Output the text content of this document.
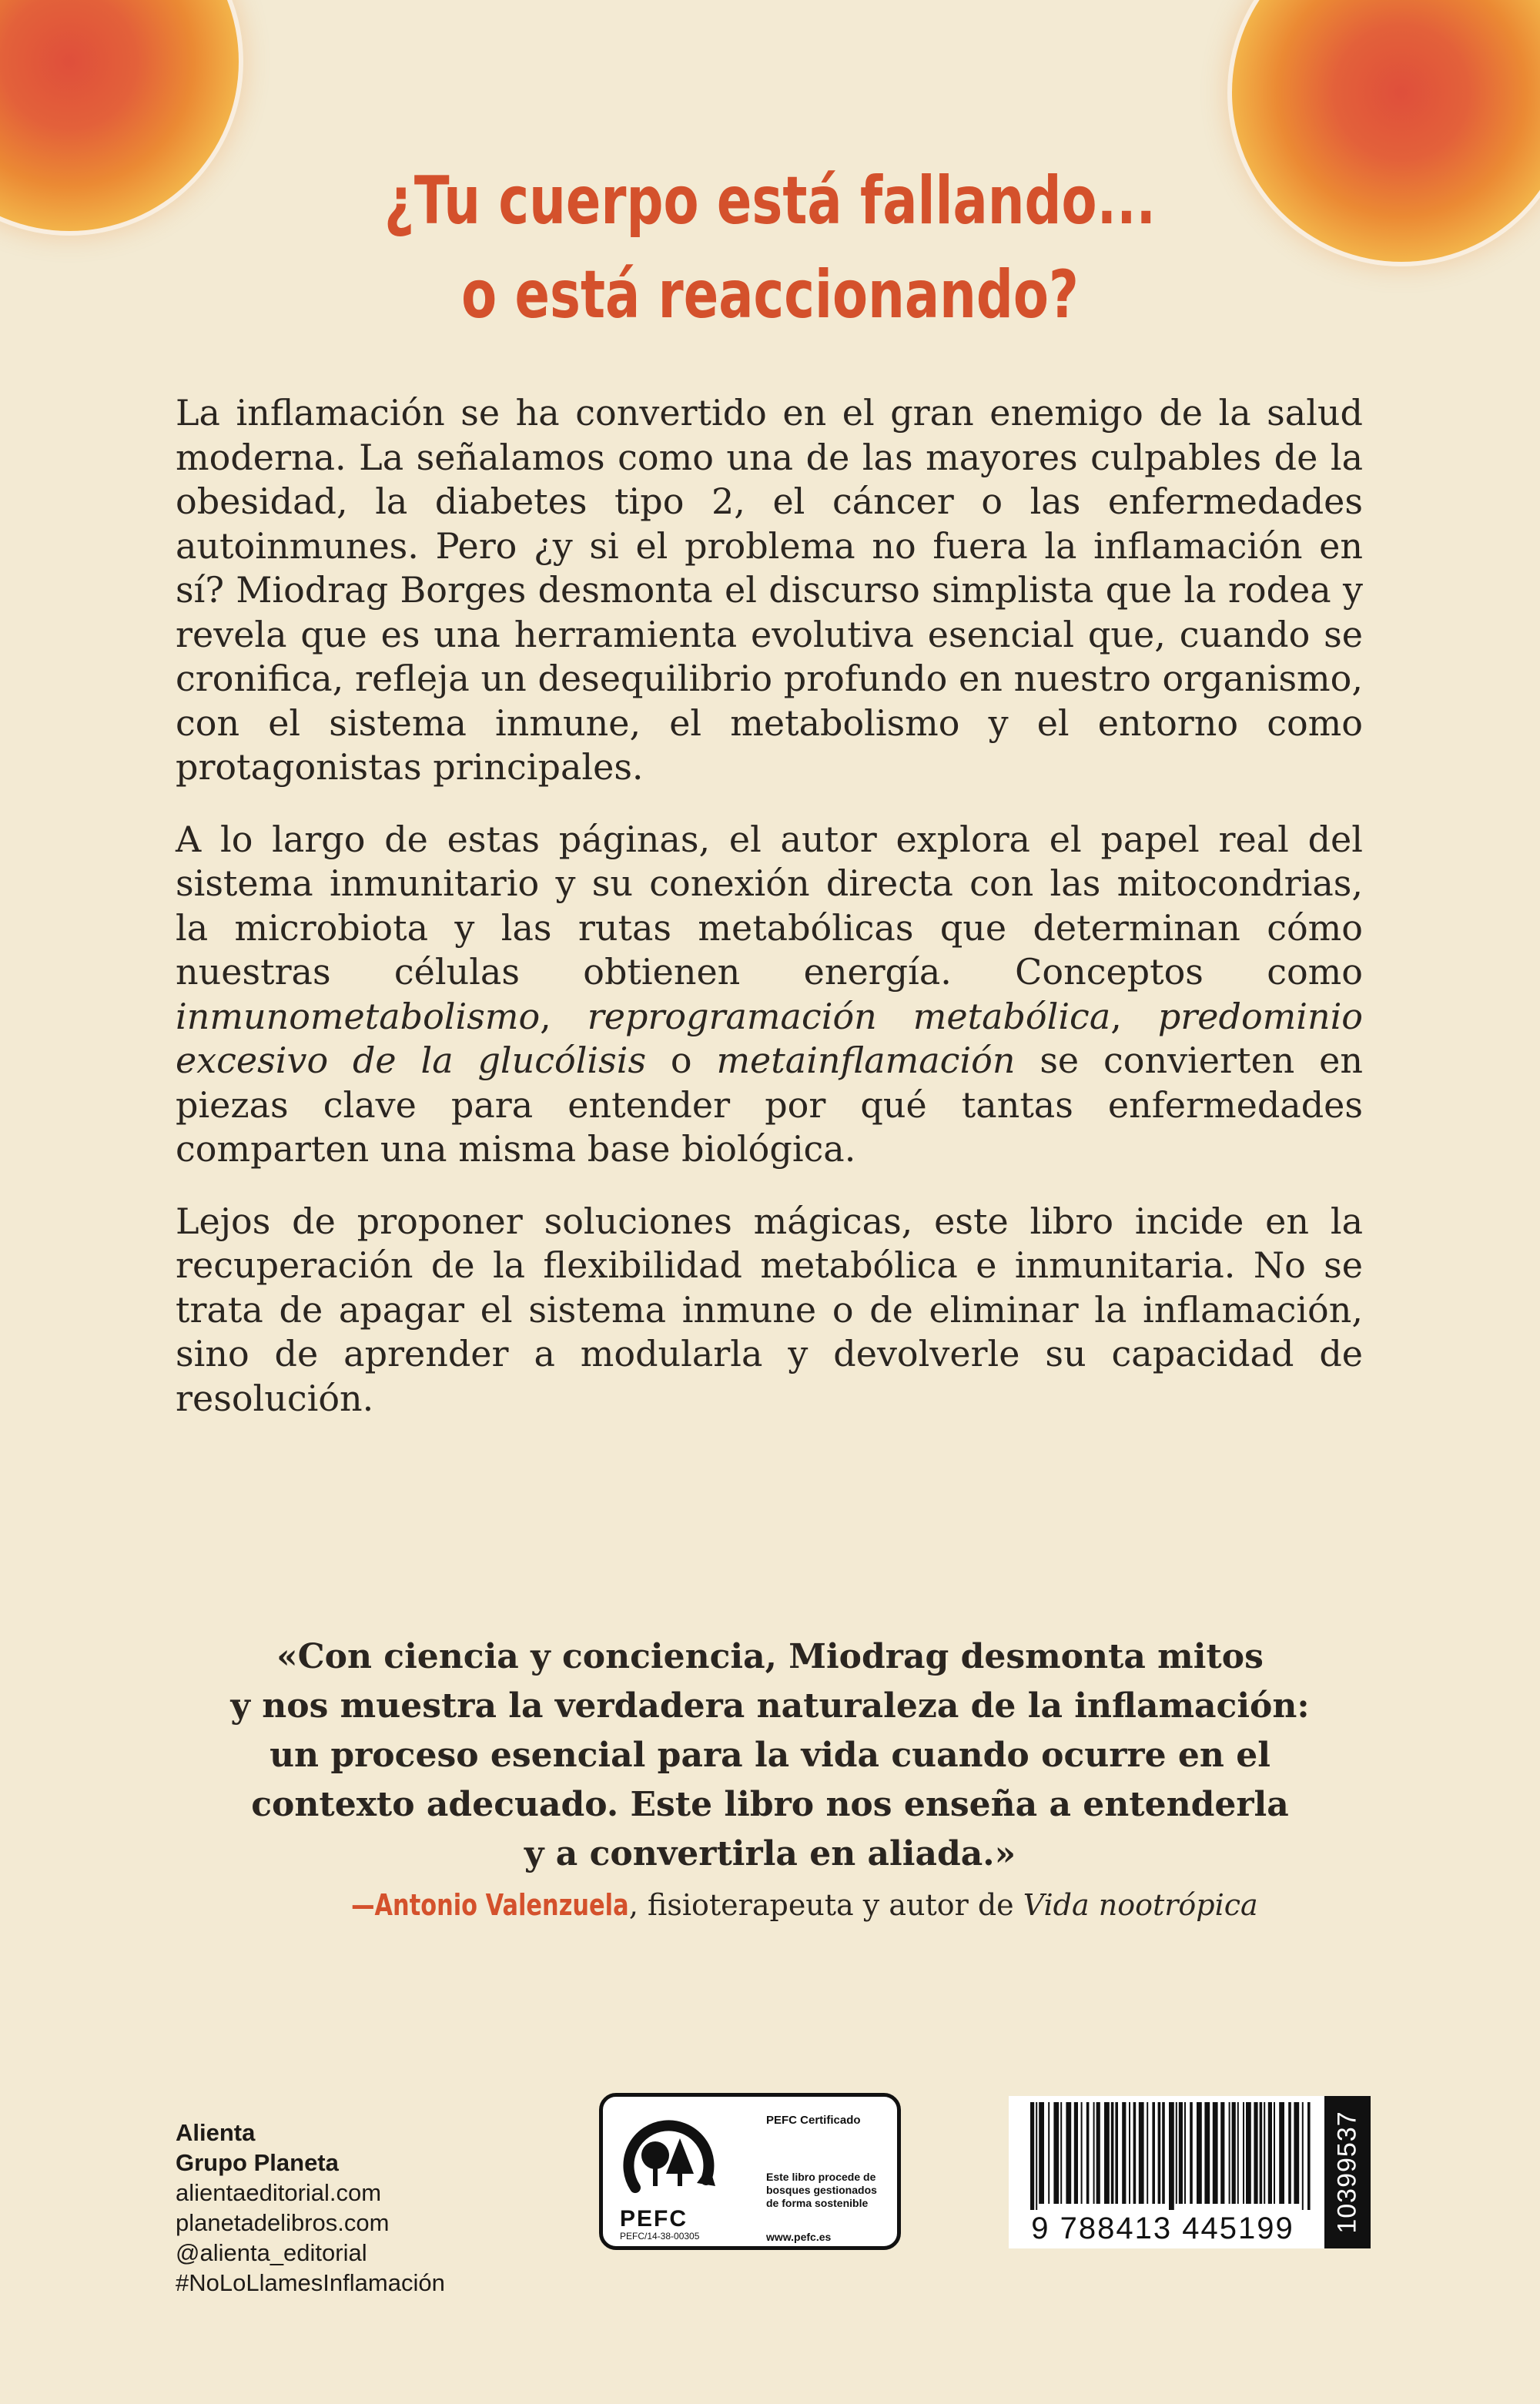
¿Tu cuerpo está fallando...
o está reaccionando?

La inflamación se ha convertido en el gran enemigo de la salud moderna. La señalamos como una de las mayores culpables de la obesidad, la diabetes tipo 2, el cáncer o las enfermedades autoinmunes. Pero ¿y si el problema no fuera la inflamación en sí? Miodrag Borges desmonta el discurso simplista que la rodea y revela que es una herramienta evolutiva esencial que, cuando se cronifica, refleja un desequilibrio profundo en nuestro organismo, con el sistema inmune, el metabolismo y el entorno como protagonistas principales.

A lo largo de estas páginas, el autor explora el papel real del sistema inmunitario y su conexión directa con las mitocondrias, la microbiota y las rutas metabólicas que determinan cómo nuestras células obtienen energía. Conceptos como inmunometabolismo, reprogramación metabólica, predominio excesivo de la glucólisis o metainflamación se convierten en piezas clave para entender por qué tantas enfermedades comparten una misma base biológica.

Lejos de proponer soluciones mágicas, este libro incide en la recuperación de la flexibilidad metabólica e inmunitaria. No se trata de apagar el sistema inmune o de eliminar la inflamación, sino de aprender a modularla y devolverle su capacidad de resolución.

«Con ciencia y conciencia, Miodrag desmonta mitos
y nos muestra la verdadera naturaleza de la inflamación:
un proceso esencial para la vida cuando ocurre en el
contexto adecuado. Este libro nos enseña a entenderla
y a convertirla en aliada.»
—Antonio Valenzuela, fisioterapeuta y autor de Vida nootrópica
Alienta
Grupo Planeta
alientaeditorial.com
planetadelibros.com
@alienta_editorial
#NoLoLlamesInflamación
PEFC
PEFC/14-38-00305
PEFC Certificado
Este libro procede de bosques gestionados de forma sostenible
www.pefc.es	9 788413 445199	10399537
